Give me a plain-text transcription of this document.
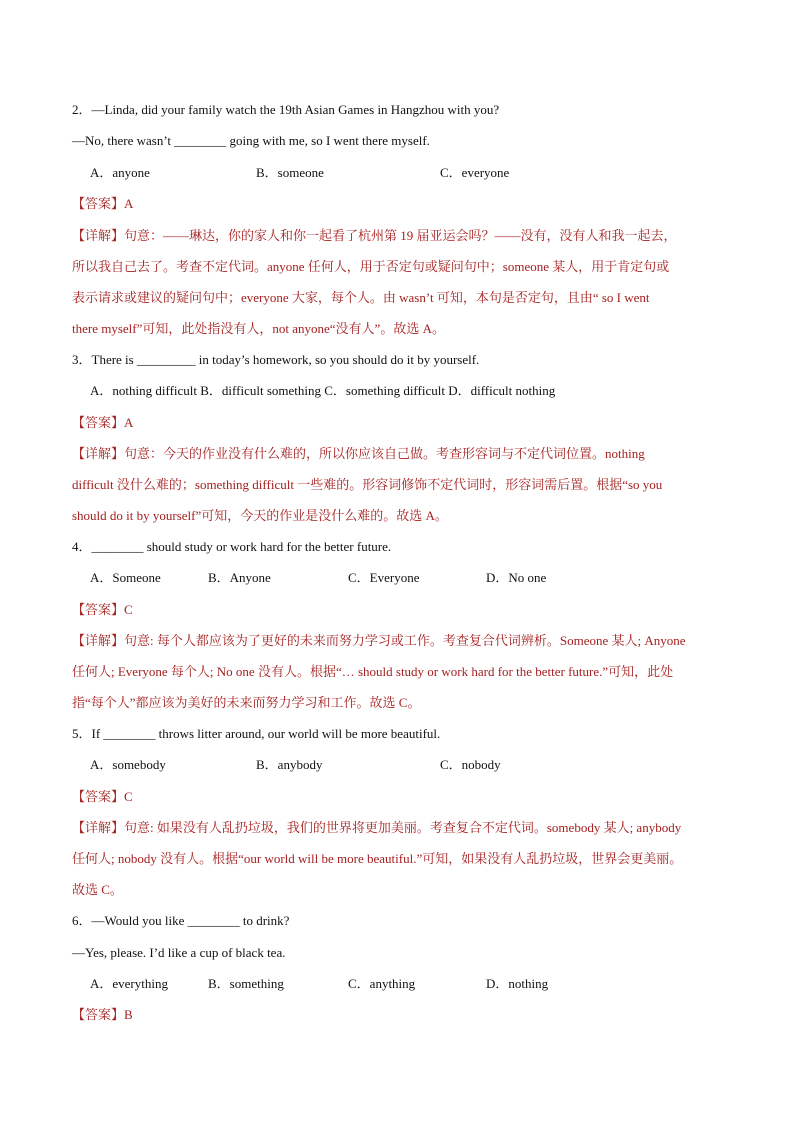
2．—Linda, did your family watch the 19th Asian Games in Hangzhou with you?
—No, there wasn’t ________ going with me, so I went there myself.
A．anyone	B．someone	C．everyone
【答案】A
【详解】句意：——琳达，你的家人和你一起看了杭州第 19 届亚运会吗？——没有，没有人和我一起去，
所以我自己去了。考查不定代词。anyone 任何人，用于否定句或疑问句中；someone 某人，用于肯定句或
表示请求或建议的疑问句中；everyone 大家，每个人。由 wasn’t 可知，本句是否定句，且由“ so I went
there myself”可知，此处指没有人，not anyone“没有人”。故选 A。
3．There is _________ in today’s homework, so you should do it by yourself.
A．nothing difficult B．difficult something C．something difficult D．difficult nothing
【答案】A
【详解】句意：今天的作业没有什么难的，所以你应该自己做。考查形容词与不定代词位置。nothing
difficult 没什么难的；something difficult 一些难的。形容词修饰不定代词时，形容词需后置。根据“so you
should do it by yourself”可知，今天的作业是没什么难的。故选 A。
4．________ should study or work hard for the better future.
A．Someone	B．Anyone	C．Everyone	D．No one
【答案】C
【详解】句意: 每个人都应该为了更好的未来而努力学习或工作。考查复合代词辨析。Someone 某人; Anyone
任何人; Everyone 每个人; No one 没有人。根据“… should study or work hard for the better future.”可知，此处
指“每个人”都应该为美好的未来而努力学习和工作。故选 C。
5．If ________ throws litter around, our world will be more beautiful.
A．somebody	B．anybody	C．nobody
【答案】C
【详解】句意: 如果没有人乱扔垃圾，我们的世界将更加美丽。考查复合不定代词。somebody 某人; anybody
任何人; nobody 没有人。根据“our world will be more beautiful.”可知，如果没有人乱扔垃圾，世界会更美丽。
故选 C。
6．—Would you like ________ to drink?
—Yes, please. I’d like a cup of black tea.
A．everything	B．something	C．anything	D．nothing
【答案】B
